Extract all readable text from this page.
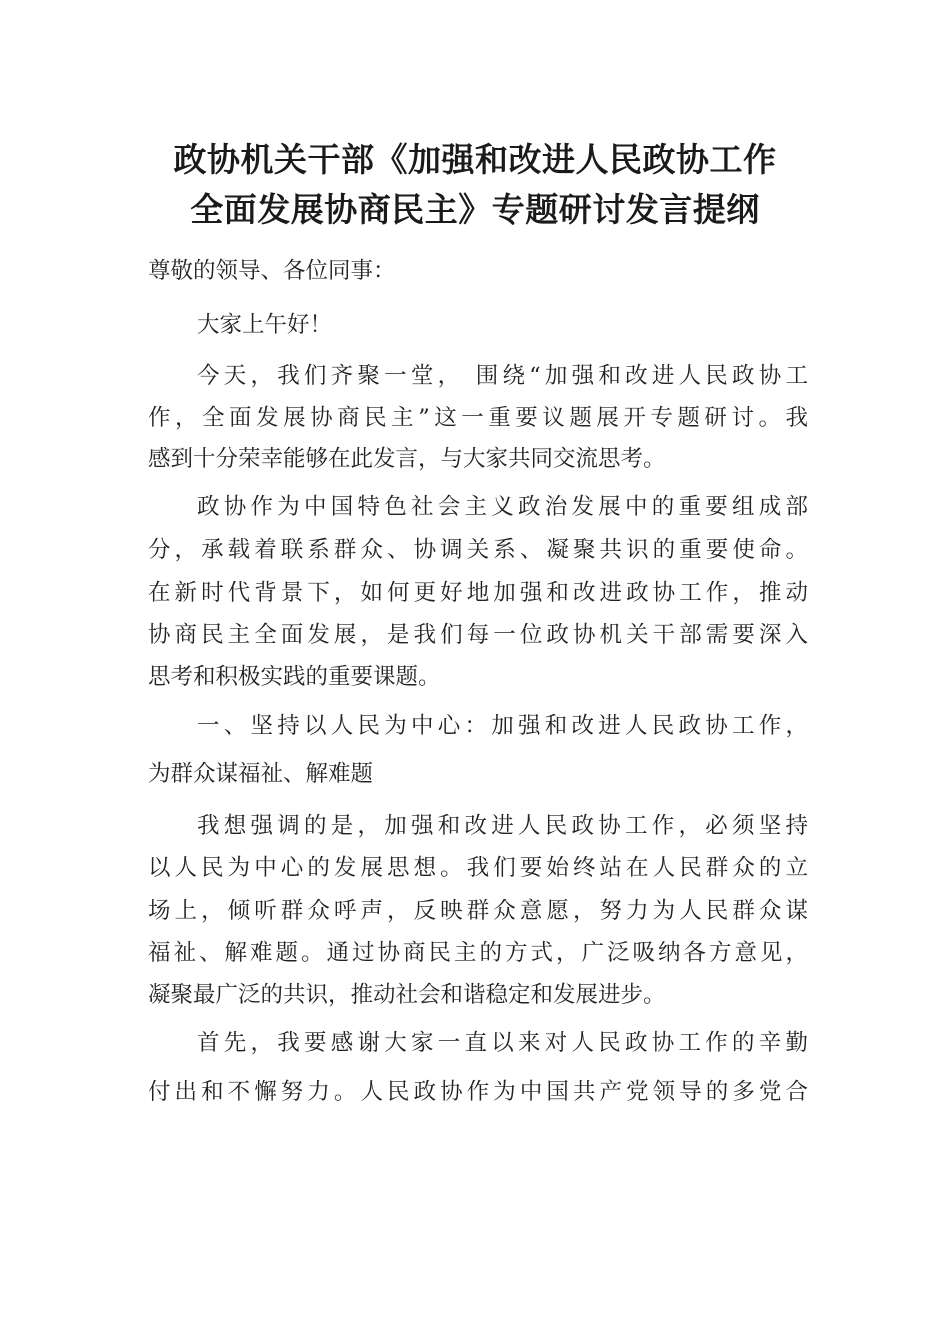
政协机关干部《加强和改进人民政协工作
全面发展协商民主》专题研讨发言提纲
尊敬的领导、各位同事：
大家上午好！
今天，我们齐聚一堂， 围绕“加强和改进人民政协工
作，全面发展协商民主”这一重要议题展开专题研讨。我
感到十分荣幸能够在此发言，与大家共同交流思考。
政协作为中国特色社会主义政治发展中的重要组成部
分，承载着联系群众、协调关系、凝聚共识的重要使命。
在新时代背景下，如何更好地加强和改进政协工作，推动
协商民主全面发展，是我们每一位政协机关干部需要深入
思考和积极实践的重要课题。
一、坚持以人民为中心：加强和改进人民政协工作，
为群众谋福祉、解难题
我想强调的是，加强和改进人民政协工作，必须坚持
以人民为中心的发展思想。我们要始终站在人民群众的立
场上，倾听群众呼声，反映群众意愿，努力为人民群众谋
福祉、解难题。通过协商民主的方式，广泛吸纳各方意见，
凝聚最广泛的共识，推动社会和谐稳定和发展进步。
首先，我要感谢大家一直以来对人民政协工作的辛勤
付出和不懈努力。人民政协作为中国共产党领导的多党合
